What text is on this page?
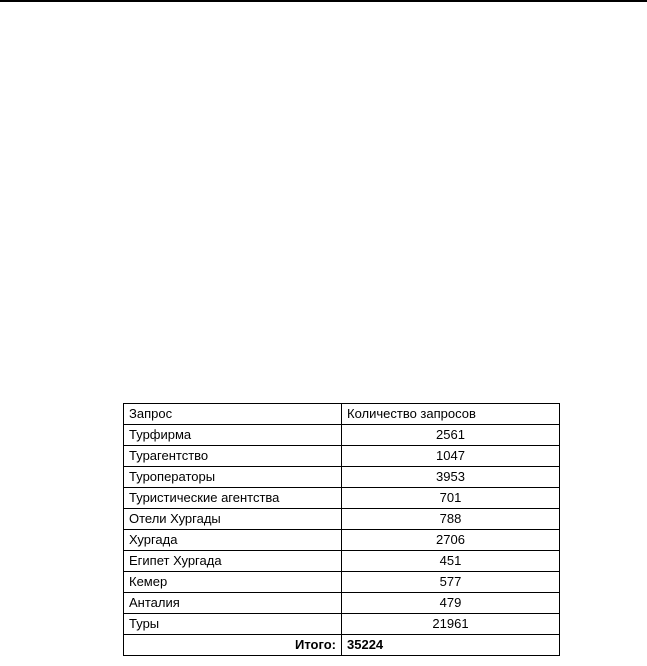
Запрос	Количество запросов
Турфирма	2561
Турагентство	1047
Туроператоры	3953
Туристические агентства	701
Отели Хургады	788
Хургада	2706
Египет Хургада	451
Кемер	577
Анталия	479
Туры	21961
Итого:	35224
